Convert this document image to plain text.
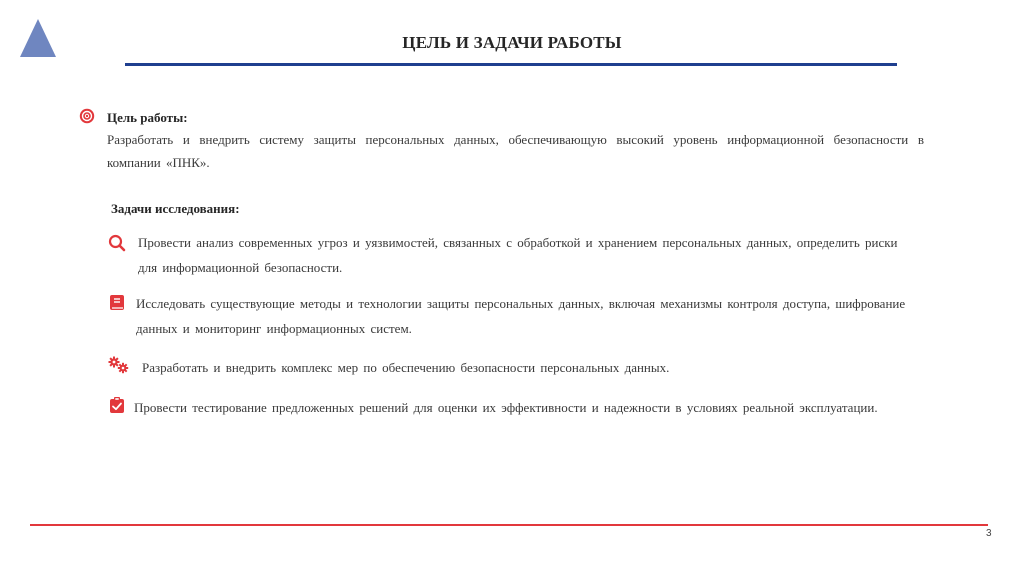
ЦЕЛЬ И ЗАДАЧИ РАБОТЫ
Цель работы:
Разработать и внедрить систему защиты персональных данных, обеспечивающую высокий уровень информационной безопасности в компании «ПНК».
Задачи исследования:
Провести анализ современных угроз и уязвимостей, связанных с обработкой и хранением персональных данных, определить риски для информационной безопасности.
Исследовать существующие методы и технологии защиты персональных данных, включая механизмы контроля доступа, шифрование данных и мониторинг информационных систем.
Разработать и внедрить комплекс мер по обеспечению безопасности персональных данных.
Провести тестирование предложенных решений для оценки их эффективности и надежности в условиях реальной эксплуатации.
3
